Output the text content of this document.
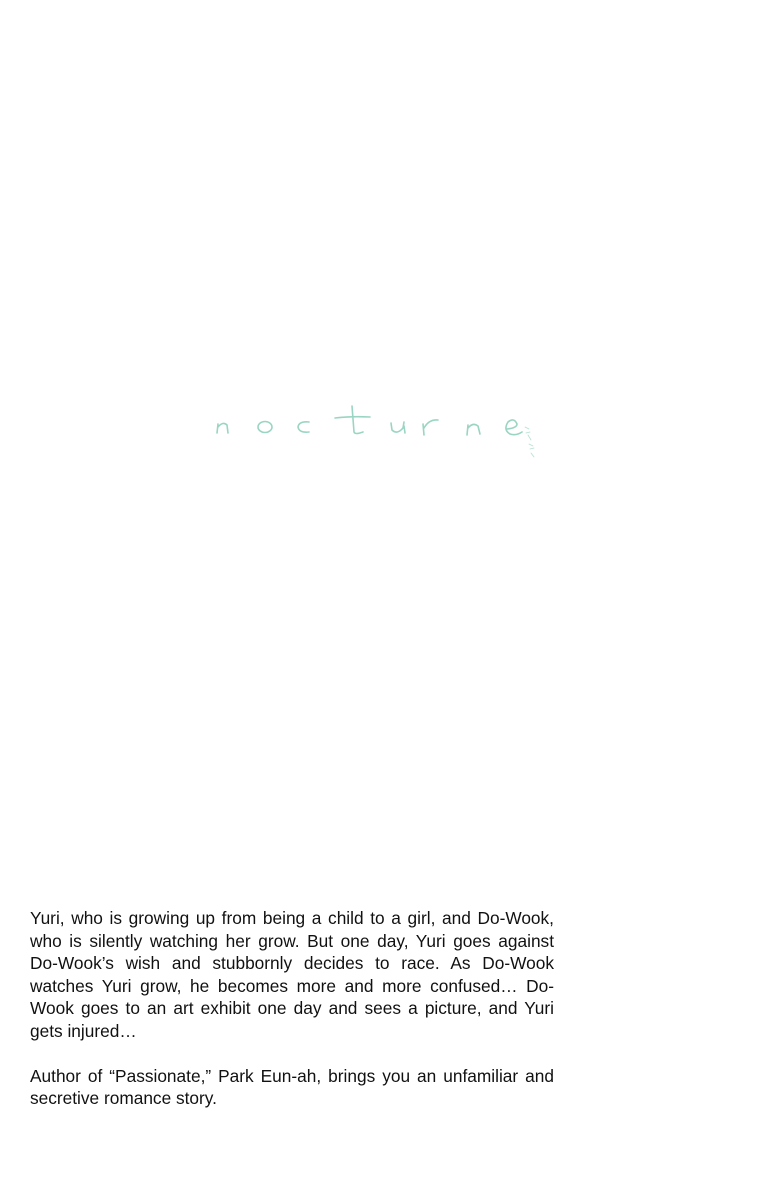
Yuri, who is growing up from being a child to a girl, and Do-Wook, who is silently watching her grow. But one day, Yuri goes against Do-Wook’s wish and stubbornly decides to race. As Do-Wook watches Yuri grow, he becomes more and more confused… Do-Wook goes to an art exhibit one day and sees a picture, and Yuri gets injured…

Author of “Passionate,” Park Eun-ah, brings you an unfamiliar and secretive romance story.
